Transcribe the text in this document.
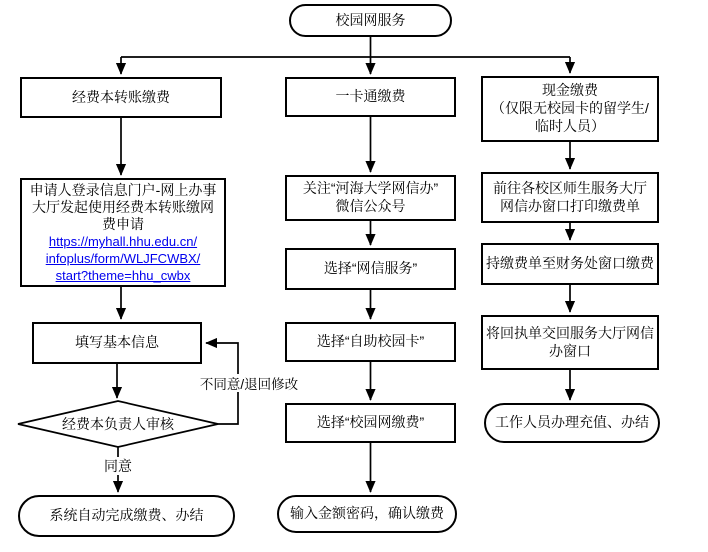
校园网服务
经费本转账缴费
申请人登录信息门户-网上办事
大厅发起使用经费本转账缴网
费申请
https://myhall.hhu.edu.cn/
infoplus/form/WLJFCWBX/
start?theme=hhu_cwbx
填写基本信息
经费本负责人审核
同意
不同意/退回修改
系统自动完成缴费、办结
一卡通缴费
关注“河海大学网信办”
微信公众号
选择“网信服务”
选择“自助校园卡”
选择“校园网缴费”
输入金额密码，确认缴费
现金缴费
（仅限无校园卡的留学生/
临时人员）
前往各校区师生服务大厅
网信办窗口打印缴费单
持缴费单至财务处窗口缴费
将回执单交回服务大厅网信
办窗口
工作人员办理充值、办结
